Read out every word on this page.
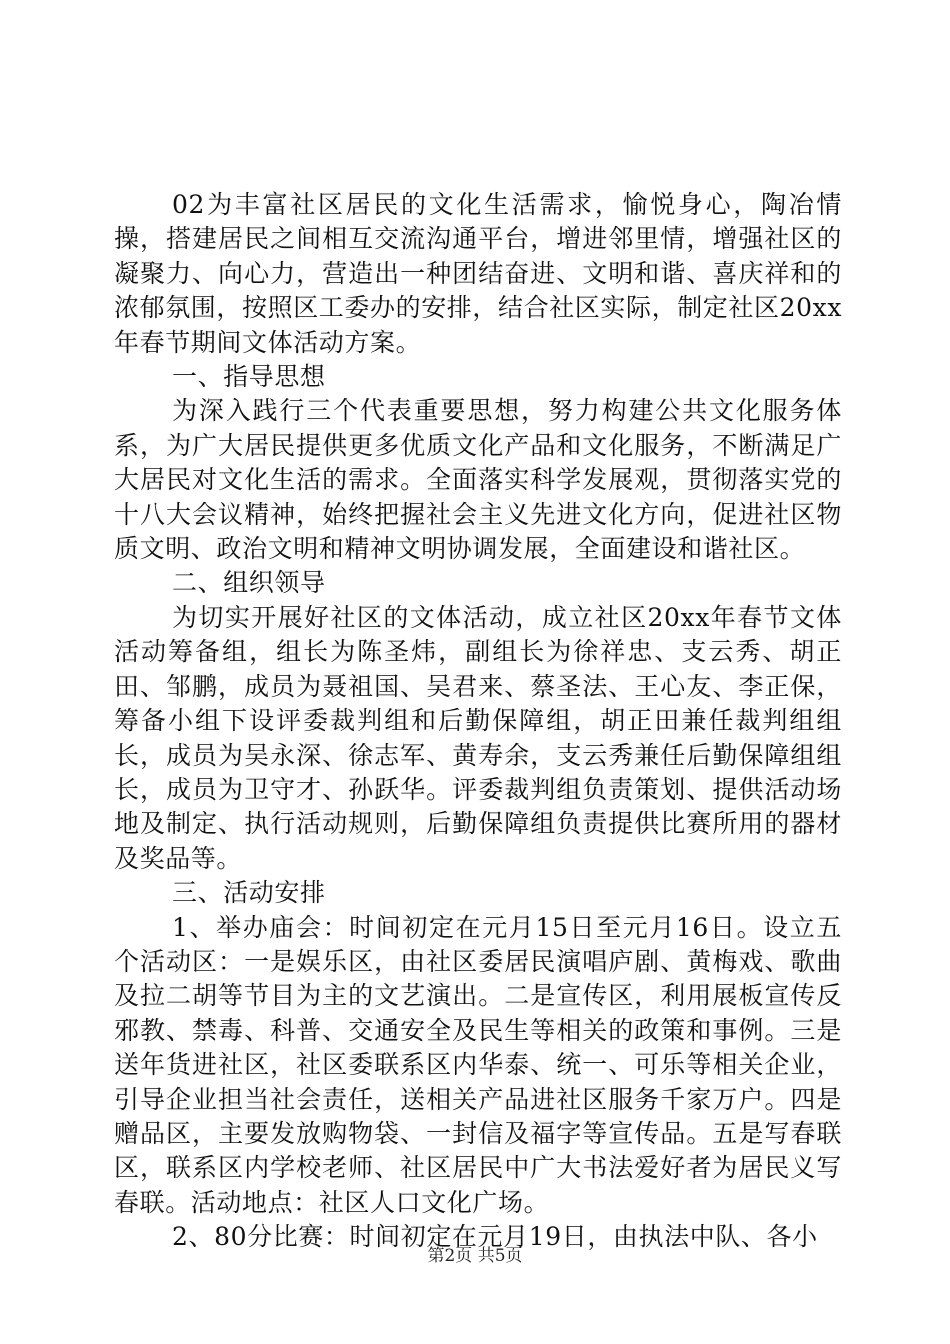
02为丰富社区居民的文化生活需求，愉悦身心，陶冶情操，搭建居民之间相互交流沟通平台，增进邻里情，增强社区的凝聚力、向心力，营造出一种团结奋进、文明和谐、喜庆祥和的浓郁氛围，按照区工委办的安排，结合社区实际，制定社区20xx年春节期间文体活动方案。

一、指导思想

为深入践行三个代表重要思想，努力构建公共文化服务体系，为广大居民提供更多优质文化产品和文化服务，不断满足广大居民对文化生活的需求。全面落实科学发展观，贯彻落实党的十八大会议精神，始终把握社会主义先进文化方向，促进社区物质文明、政治文明和精神文明协调发展，全面建设和谐社区。

二、组织领导

为切实开展好社区的文体活动，成立社区20xx年春节文体活动筹备组，组长为陈圣炜，副组长为徐祥忠、支云秀、胡正田、邹鹏，成员为聂祖国、吴君来、蔡圣法、王心友、李正保，筹备小组下设评委裁判组和后勤保障组，胡正田兼任裁判组组长，成员为吴永深、徐志军、黄寿余，支云秀兼任后勤保障组组长，成员为卫守才、孙跃华。评委裁判组负责策划、提供活动场地及制定、执行活动规则，后勤保障组负责提供比赛所用的器材及奖品等。

三、活动安排

1、举办庙会：时间初定在元月15日至元月16日。设立五个活动区：一是娱乐区，由社区委居民演唱庐剧、黄梅戏、歌曲及拉二胡等节目为主的文艺演出。二是宣传区，利用展板宣传反邪教、禁毒、科普、交通安全及民生等相关的政策和事例。三是送年货进社区，社区委联系区内华泰、统一、可乐等相关企业，引导企业担当社会责任，送相关产品进社区服务千家万户。四是赠品区，主要发放购物袋、一封信及福字等宣传品。五是写春联区，联系区内学校老师、社区居民中广大书法爱好者为居民义写春联。活动地点：社区人口文化广场。

2、80分比赛：时间初定在元月19日，由执法中队、各小

第2页 共5页
